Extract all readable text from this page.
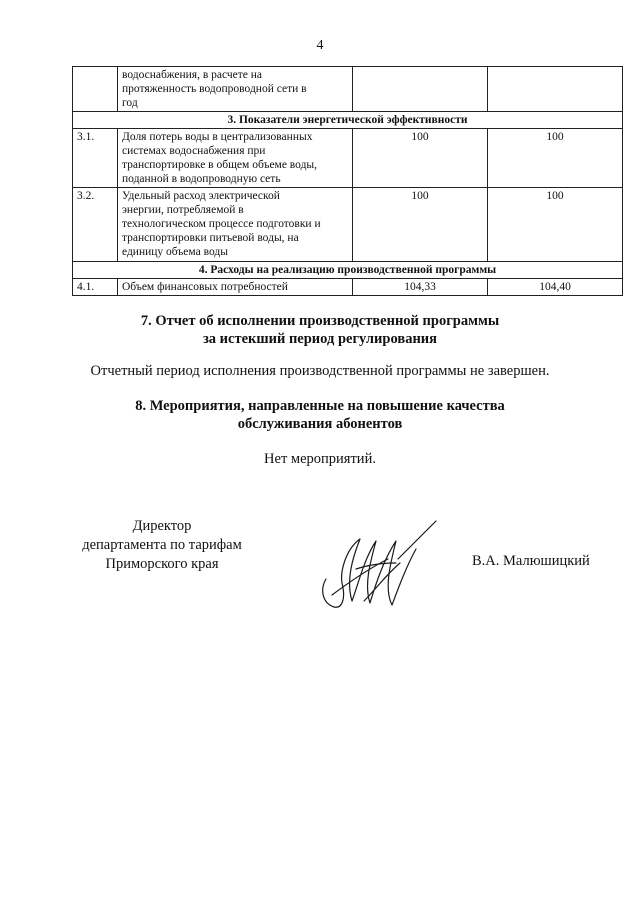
4

	водоснабжения, в расчете на
протяженность водопроводной сети в
год		

3. Показатели энергетической эффективности			
3.1.	Доля потерь воды в централизованных
системах водоснабжения при
транспортировке в общем объеме воды,
поданной в водопроводную сеть	100	100
3.2.	Удельный расход электрической
энергии, потребляемой в
технологическом процессе подготовки и
транспортировки питьевой воды, на
единицу объема воды	100	100
4. Расходы на реализацию производственной программы			
4.1.	Объем финансовых потребностей	104,33	104,40
7. Отчет об исполнении производственной программы
за истекший период регулирования

Отчетный период исполнения производственной программы не завершен.

8. Мероприятия, направленные на повышение качества
обслуживания абонентов

Нет мероприятий.

Директор
департамента по тарифам
Приморского края	В.А. Малюшицкий
